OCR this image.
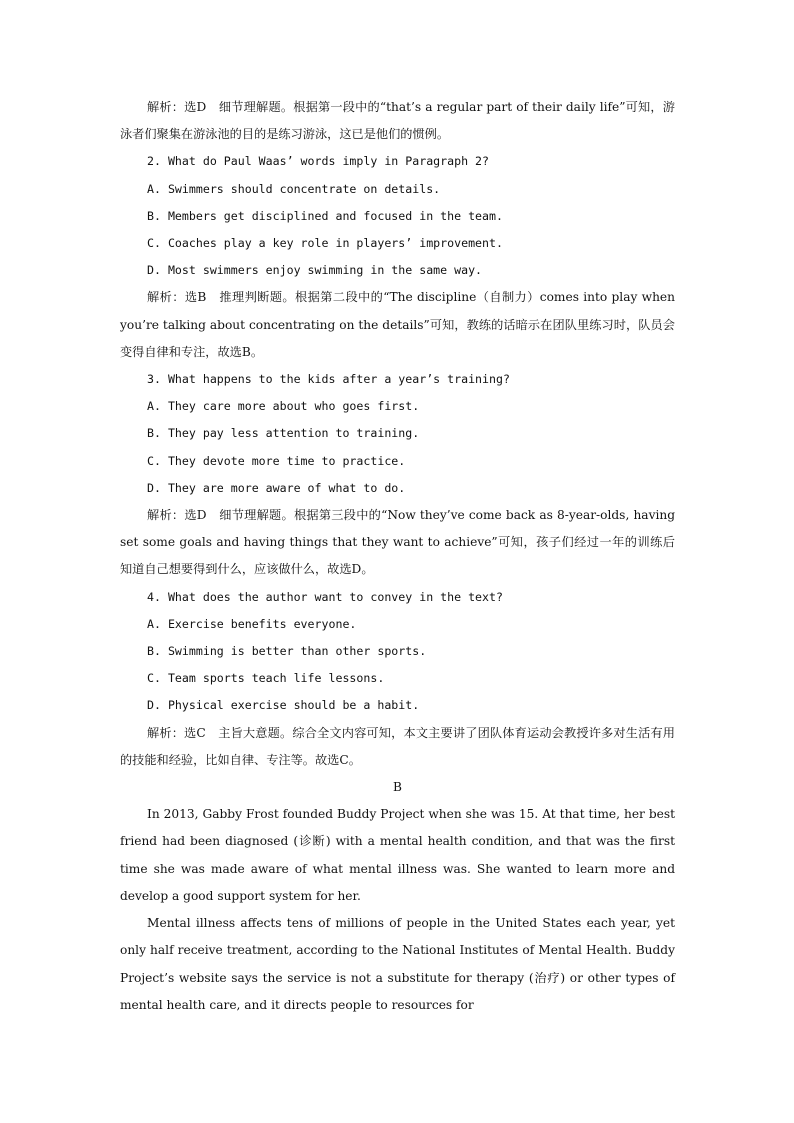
解析：选D　细节理解题。根据第一段中的“that’s a regular part of their daily life”可知，游泳者们聚集在游泳池的目的是练习游泳，这已是他们的惯例。

2. What do Paul Waas’ words imply in Paragraph 2?

A. Swimmers should concentrate on details.

B. Members get disciplined and focused in the team.

C. Coaches play a key role in players’ improvement.

D. Most swimmers enjoy swimming in the same way.

解析：选B　推理判断题。根据第二段中的“The discipline（自制力）comes into play when you’re talking about concentrating on the details”可知，教练的话暗示在团队里练习时，队员会变得自律和专注，故选B。

3. What happens to the kids after a year’s training?

A. They care more about who goes first.

B. They pay less attention to training.

C. They devote more time to practice.

D. They are more aware of what to do.

解析：选D　细节理解题。根据第三段中的“Now they’ve come back as 8-year-olds, having set some goals and having things that they want to achieve”可知，孩子们经过一年的训练后知道自己想要得到什么，应该做什么，故选D。

4. What does the author want to convey in the text?

A. Exercise benefits everyone.

B. Swimming is better than other sports.

C. Team sports teach life lessons.

D. Physical exercise should be a habit.

解析：选C　主旨大意题。综合全文内容可知，本文主要讲了团队体育运动会教授许多对生活有用的技能和经验，比如自律、专注等。故选C。

B

In 2013, Gabby Frost founded Buddy Project when she was 15. At that time, her best friend had been diagnosed (诊断) with a mental health condition, and that was the first time she was made aware of what mental illness was. She wanted to learn more and develop a good support system for her.

Mental illness affects tens of millions of people in the United States each year, yet only half receive treatment, according to the National Institutes of Mental Health. Buddy Project’s website says the service is not a substitute for therapy (治疗) or other types of mental health care, and it directs people to resources for
